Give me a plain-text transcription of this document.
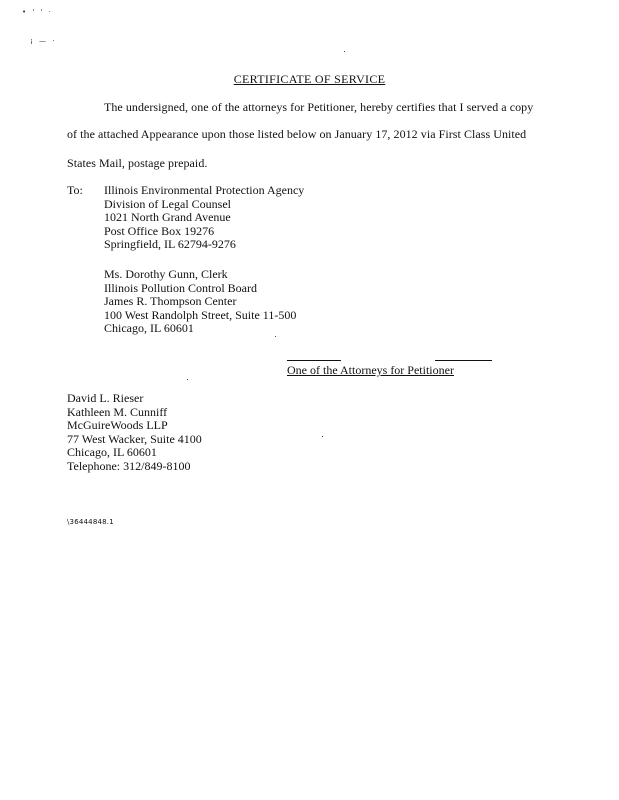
• ' ' ·
¡ — ·
CERTIFICATE OF SERVICE
The undersigned, one of the attorneys for Petitioner, hereby certifies that I served a copy
of the attached Appearance upon those listed below on January 17, 2012 via First Class United
States Mail, postage prepaid.
To: Illinois Environmental Protection Agency
Division of Legal Counsel
1021 North Grand Avenue
Post Office Box 19276
Springfield, IL 62794-9276
Ms. Dorothy Gunn, Clerk
Illinois Pollution Control Board
James R. Thompson Center
100 West Randolph Street, Suite 11-500
Chicago, IL 60601
One of the Attorneys for Petitioner
David L. Rieser
Kathleen M. Cunniff
McGuireWoods LLP
77 West Wacker, Suite 4100
Chicago, IL 60601
Telephone: 312/849-8100
\36444848.1
